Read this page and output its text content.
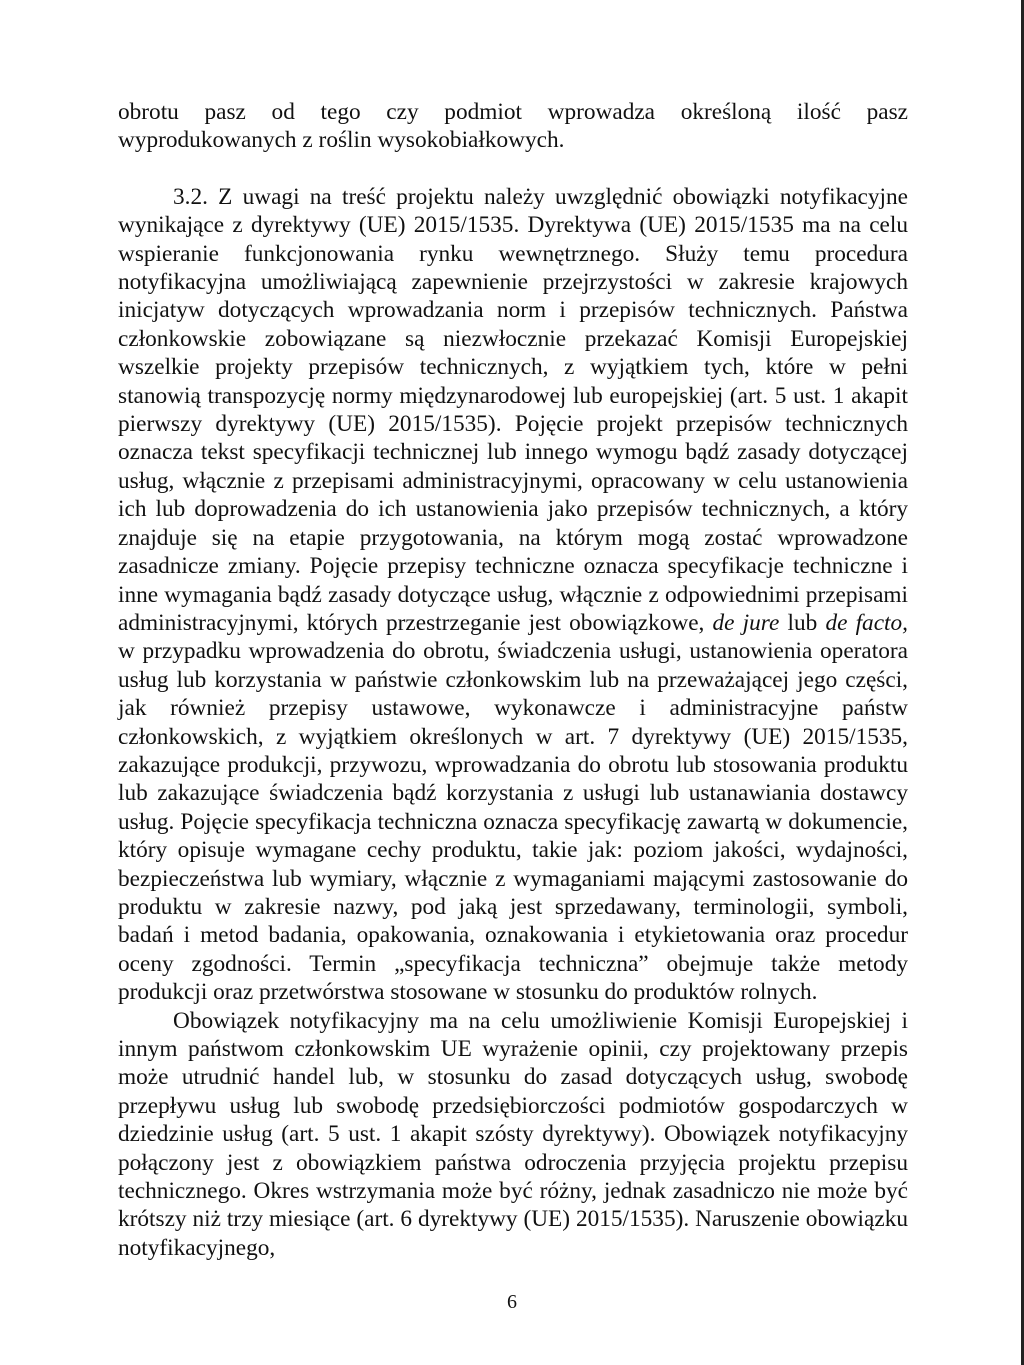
obrotu pasz od tego czy podmiot wprowadza określoną ilość pasz wyprodukowanych z roślin wysokobiałkowych.

3.2. Z uwagi na treść projektu należy uwzględnić obowiązki notyfikacyjne wynikające z dyrektywy (UE) 2015/1535. Dyrektywa (UE) 2015/1535 ma na celu wspieranie funkcjonowania rynku wewnętrznego. Służy temu procedura notyfikacyjna umożliwiającą zapewnienie przejrzystości w zakresie krajowych inicjatyw dotyczących wprowadzania norm i przepisów technicznych. Państwa członkowskie zobowiązane są niezwłocznie przekazać Komisji Europejskiej wszelkie projekty przepisów technicznych, z wyjątkiem tych, które w pełni stanowią transpozycję normy międzynarodowej lub europejskiej (art. 5 ust. 1 akapit pierwszy dyrektywy (UE) 2015/1535). Pojęcie projekt przepisów technicznych oznacza tekst specyfikacji technicznej lub innego wymogu bądź zasady dotyczącej usług, włącznie z przepisami administracyjnymi, opracowany w celu ustanowienia ich lub doprowadzenia do ich ustanowienia jako przepisów technicznych, a który znajduje się na etapie przygotowania, na którym mogą zostać wprowadzone zasadnicze zmiany. Pojęcie przepisy techniczne oznacza specyfikacje techniczne i inne wymagania bądź zasady dotyczące usług, włącznie z odpowiednimi przepisami administracyjnymi, których przestrzeganie jest obowiązkowe, de jure lub de facto, w przypadku wprowadzenia do obrotu, świadczenia usługi, ustanowienia operatora usług lub korzystania w państwie członkowskim lub na przeważającej jego części, jak również przepisy ustawowe, wykonawcze i administracyjne państw członkowskich, z wyjątkiem określonych w art. 7 dyrektywy (UE) 2015/1535, zakazujące produkcji, przywozu, wprowadzania do obrotu lub stosowania produktu lub zakazujące świadczenia bądź korzystania z usługi lub ustanawiania dostawcy usług. Pojęcie specyfikacja techniczna oznacza specyfikację zawartą w dokumencie, który opisuje wymagane cechy produktu, takie jak: poziom jakości, wydajności, bezpieczeństwa lub wymiary, włącznie z wymaganiami mającymi zastosowanie do produktu w zakresie nazwy, pod jaką jest sprzedawany, terminologii, symboli, badań i metod badania, opakowania, oznakowania i etykietowania oraz procedur oceny zgodności. Termin „specyfikacja techniczna” obejmuje także metody produkcji oraz przetwórstwa stosowane w stosunku do produktów rolnych.

Obowiązek notyfikacyjny ma na celu umożliwienie Komisji Europejskiej i innym państwom członkowskim UE wyrażenie opinii, czy projektowany przepis może utrudnić handel lub, w stosunku do zasad dotyczących usług, swobodę przepływu usług lub swobodę przedsiębiorczości podmiotów gospodarczych w dziedzinie usług (art. 5 ust. 1 akapit szósty dyrektywy). Obowiązek notyfikacyjny połączony jest z obowiązkiem państwa odroczenia przyjęcia projektu przepisu technicznego. Okres wstrzymania może być różny, jednak zasadniczo nie może być krótszy niż trzy miesiące (art. 6 dyrektywy (UE) 2015/1535). Naruszenie obowiązku notyfikacyjnego,

6
